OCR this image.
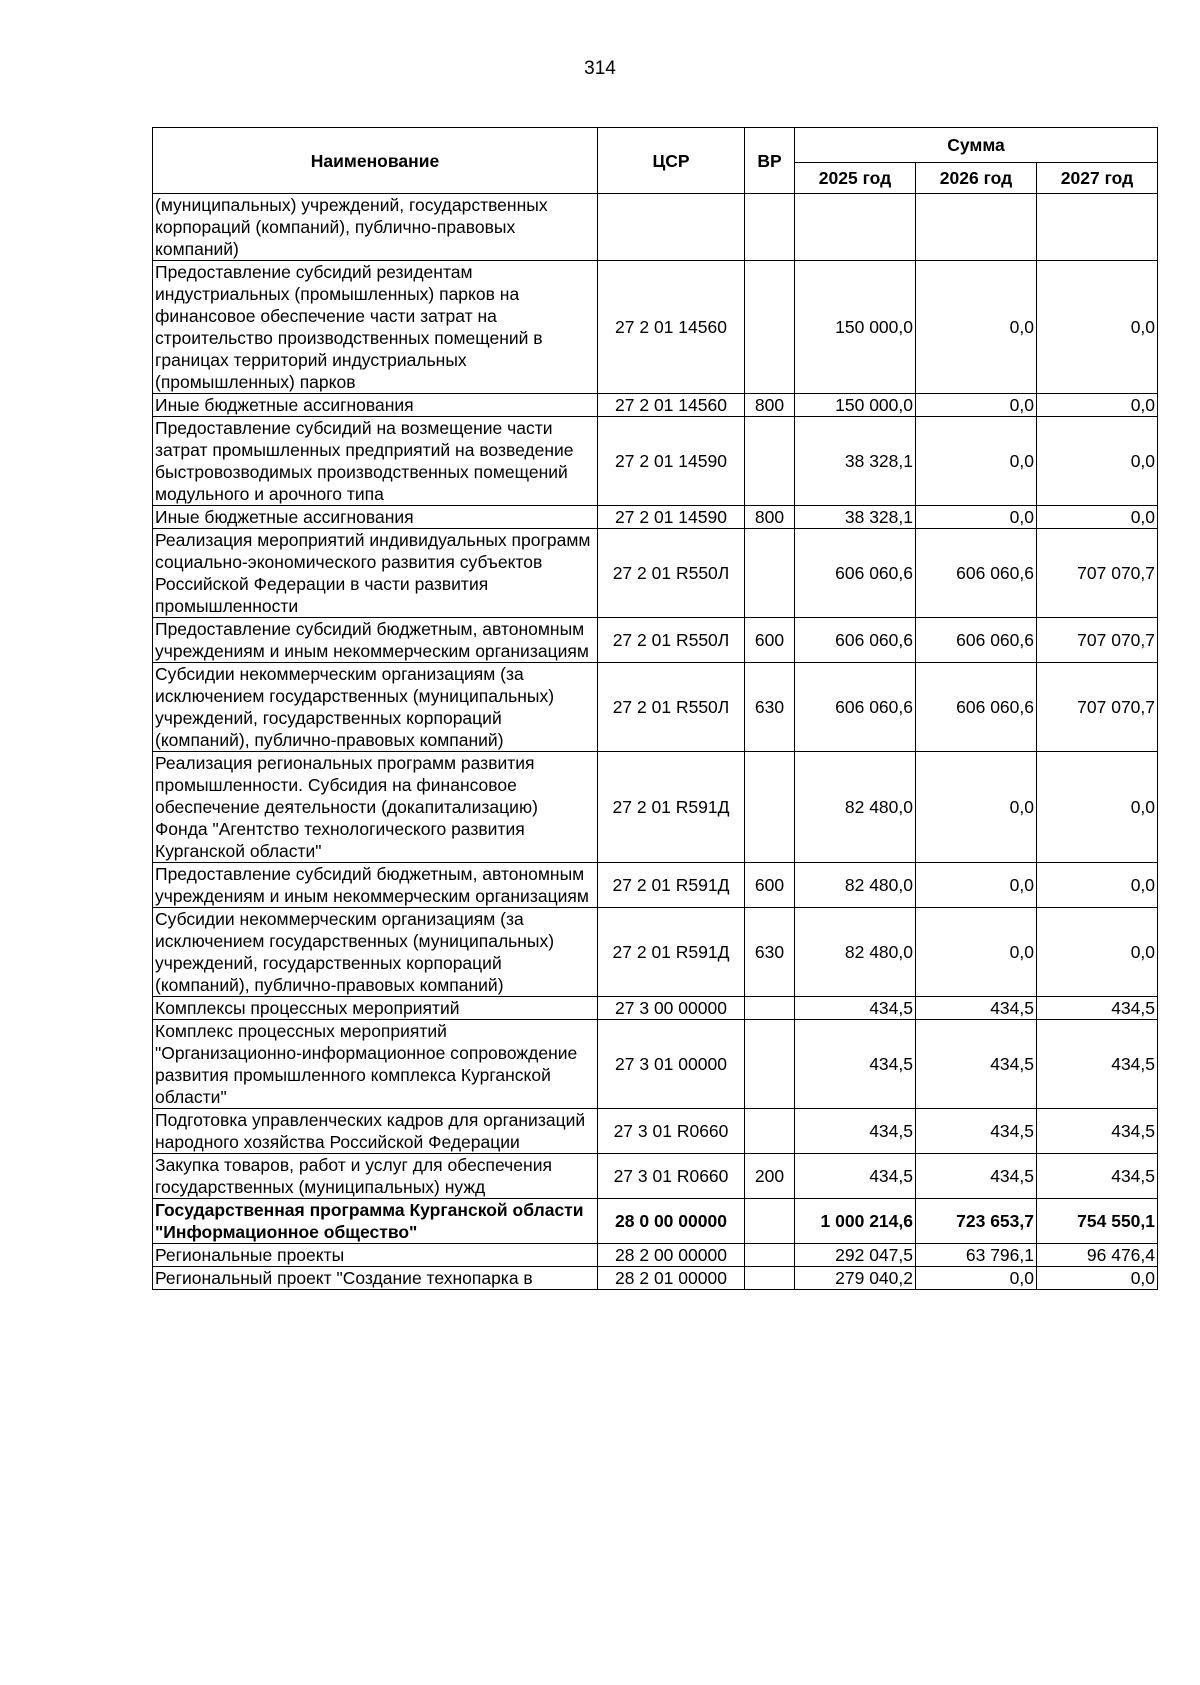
314
Наименование	ЦСР	ВР	Сумма		
			2025 год	2026 год	2027 год
(муниципальных) учреждений, государственных корпораций (компаний), публично-правовых компаний)					
Предоставление субсидий резидентам индустриальных (промышленных) парков на финансовое обеспечение части затрат на строительство производственных помещений в границах территорий индустриальных (промышленных) парков	27 2 01 14560		150 000,0	0,0	0,0
Иные бюджетные ассигнования	27 2 01 14560	800	150 000,0	0,0	0,0
Предоставление субсидий на возмещение части затрат промышленных предприятий на возведение быстровозводимых производственных помещений модульного и арочного типа	27 2 01 14590		38 328,1	0,0	0,0
Иные бюджетные ассигнования	27 2 01 14590	800	38 328,1	0,0	0,0
Реализация мероприятий индивидуальных программ социально-экономического развития субъектов Российской Федерации в части развития промышленности	27 2 01 R550Л		606 060,6	606 060,6	707 070,7
Предоставление субсидий бюджетным, автономным учреждениям и иным некоммерческим организациям	27 2 01 R550Л	600	606 060,6	606 060,6	707 070,7
Субсидии некоммерческим организациям (за исключением государственных (муниципальных) учреждений, государственных корпораций (компаний), публично-правовых компаний)	27 2 01 R550Л	630	606 060,6	606 060,6	707 070,7
Реализация региональных программ развития промышленности. Субсидия на финансовое обеспечение деятельности (докапитализацию) Фонда "Агентство технологического развития Курганской области"	27 2 01 R591Д		82 480,0	0,0	0,0
Предоставление субсидий бюджетным, автономным учреждениям и иным некоммерческим организациям	27 2 01 R591Д	600	82 480,0	0,0	0,0
Субсидии некоммерческим организациям (за исключением государственных (муниципальных) учреждений, государственных корпораций (компаний), публично-правовых компаний)	27 2 01 R591Д	630	82 480,0	0,0	0,0
Комплексы процессных мероприятий	27 3 00 00000		434,5	434,5	434,5
Комплекс процессных мероприятий "Организационно-информационное сопровождение развития промышленного комплекса Курганской области"	27 3 01 00000		434,5	434,5	434,5
Подготовка управленческих кадров для организаций народного хозяйства Российской Федерации	27 3 01 R0660		434,5	434,5	434,5
Закупка товаров, работ и услуг для обеспечения государственных (муниципальных) нужд	27 3 01 R0660	200	434,5	434,5	434,5
Государственная программа Курганской области "Информационное общество"	28 0 00 00000		1 000 214,6	723 653,7	754 550,1
Региональные проекты	28 2 00 00000		292 047,5	63 796,1	96 476,4
Региональный проект "Создание технопарка в	28 2 01 00000		279 040,2	0,0	0,0
